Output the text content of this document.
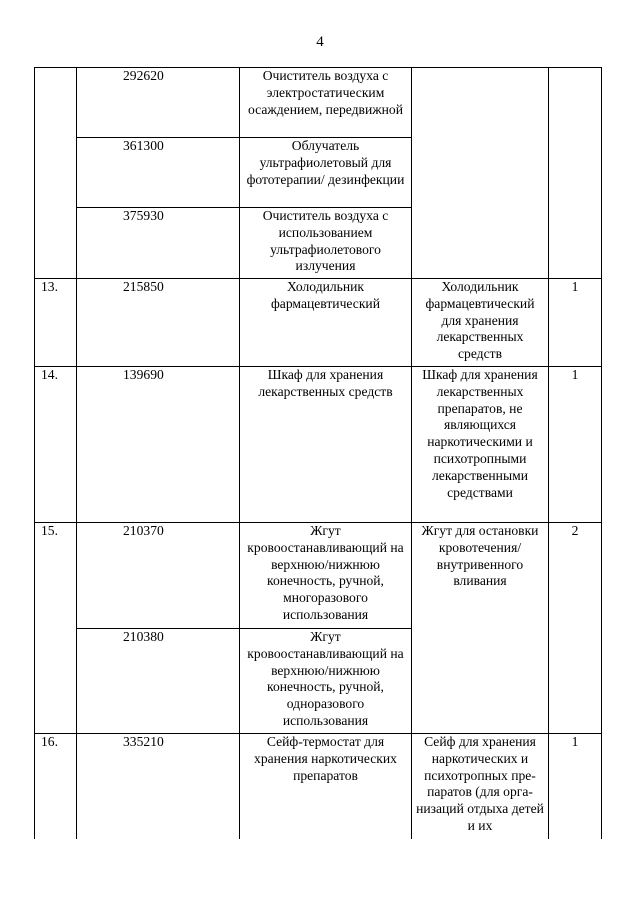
4
	292620	Очиститель воздуха с электростатическим осаждением, передвижной		
	361300	Облучатель ультрафиолетовый для фототерапии/ дезинфекции		
	375930	Очиститель воздуха с использованием ультрафиолетового излучения		
13.	215850	Холодильник фармацевтический	Холодильник фармацевтический для хранения лекарственных средств	1
14.	139690	Шкаф для хранения лекарственных средств	Шкаф для хранения лекарственных препаратов, не являющихся наркотическими и психотропными лекарственными средствами	1
15.	210370	Жгут кровоостанавливающий на верхнюю/нижнюю конечность, ручной, многоразового использования	Жгут для остановки кровотечения/ внутривенного вливания	2
	210380	Жгут кровоостанавливающий на верхнюю/нижнюю конечность, ручной, одноразового использования		
16.	335210	Сейф-термостат для хранения наркотических препаратов	Сейф для хранения наркотических и психотропных пре-паратов (для орга-низаций отдыха детей и их	1
